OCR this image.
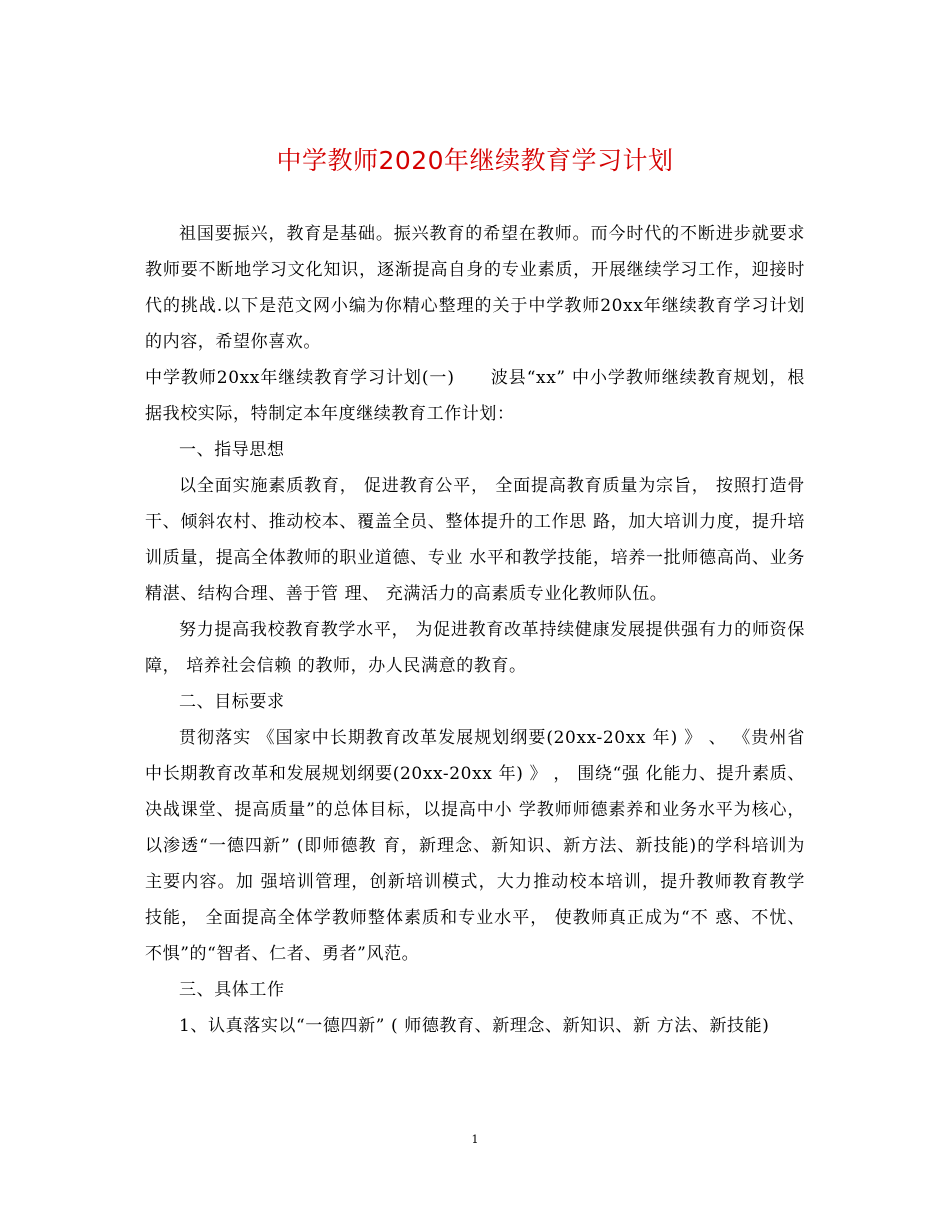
中学教师2020年继续教育学习计划

祖国要振兴，教育是基础。振兴教育的希望在教师。而今时代的不断进步就要求教师要不断地学习文化知识，逐渐提高自身的专业素质，开展继续学习工作，迎接时代的挑战.以下是范文网小编为你精心整理的关于中学教师20xx年继续教育学习计划的内容，希望你喜欢。

中学教师20xx年继续教育学习计划(一)　　波县“xx” 中小学教师继续教育规划，根据我校实际，特制定本年度继续教育工作计划：

一、指导思想

以全面实施素质教育， 促进教育公平， 全面提高教育质量为宗旨， 按照打造骨干、倾斜农村、推动校本、覆盖全员、整体提升的工作思 路，加大培训力度，提升培训质量，提高全体教师的职业道德、专业 水平和教学技能，培养一批师德高尚、业务精湛、结构合理、善于管 理、 充满活力的高素质专业化教师队伍。

努力提高我校教育教学水平， 为促进教育改革持续健康发展提供强有力的师资保障， 培养社会信赖 的教师，办人民满意的教育。

二、目标要求

贯彻落实 《国家中长期教育改革发展规划纲要(20xx-20xx 年) 》 、 《贵州省中长期教育改革和发展规划纲要(20xx-20xx 年) 》 ， 围绕“强 化能力、提升素质、决战课堂、提高质量”的总体目标，以提高中小 学教师师德素养和业务水平为核心，以渗透“一德四新” (即师德教 育，新理念、新知识、新方法、新技能)的学科培训为主要内容。加 强培训管理，创新培训模式，大力推动校本培训，提升教师教育教学 技能， 全面提高全体学教师整体素质和专业水平， 使教师真正成为“不 惑、不忧、不惧”的“智者、仁者、勇者”风范。

三、具体工作

1、认真落实以“一德四新” ( 师德教育、新理念、新知识、新 方法、新技能)

1
